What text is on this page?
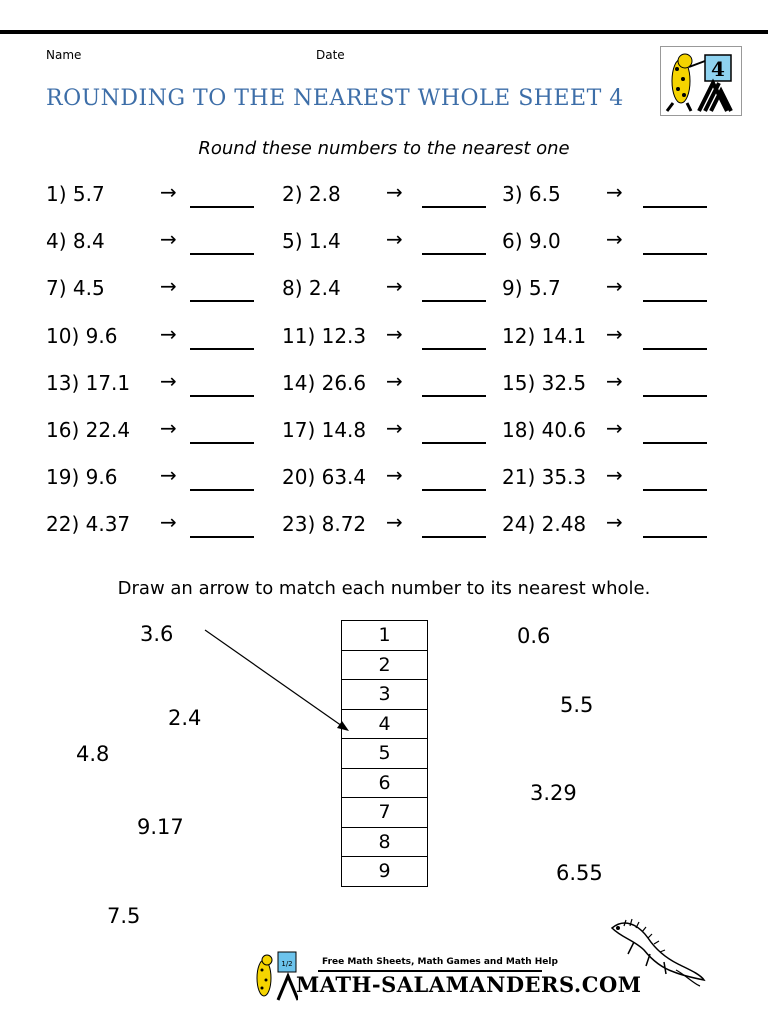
Name	Date
ROUNDING TO THE NEAREST WHOLE SHEET 4
4
Round these numbers to the nearest one
1) 5.7	→	2) 2.8 →	3) 6.5 →
4) 8.4	→	5) 1.4 →	6) 9.0 →
7) 4.5	→	8) 2.4 →	9) 5.7 →
10) 9.6 →	11) 12.3 →	12) 14.1 →
13) 17.1 →	14) 26.6 →	15) 32.5 →
16) 22.4 →	17) 14.8 →	18) 40.6 →
19) 9.6 →	20) 63.4 →	21) 35.3 →
22) 4.37 →	23) 8.72 →	24) 2.48 →
Draw an arrow to match each number to its nearest whole.
3.6
2.4
4.8
9.17
7.5
0.6
5.5
3.29
6.55
1
2
3
4
5
6
7
8
9
1/2	Free Math Sheets, Math Games and Math Help
MATH-SALAMANDERS.COM
